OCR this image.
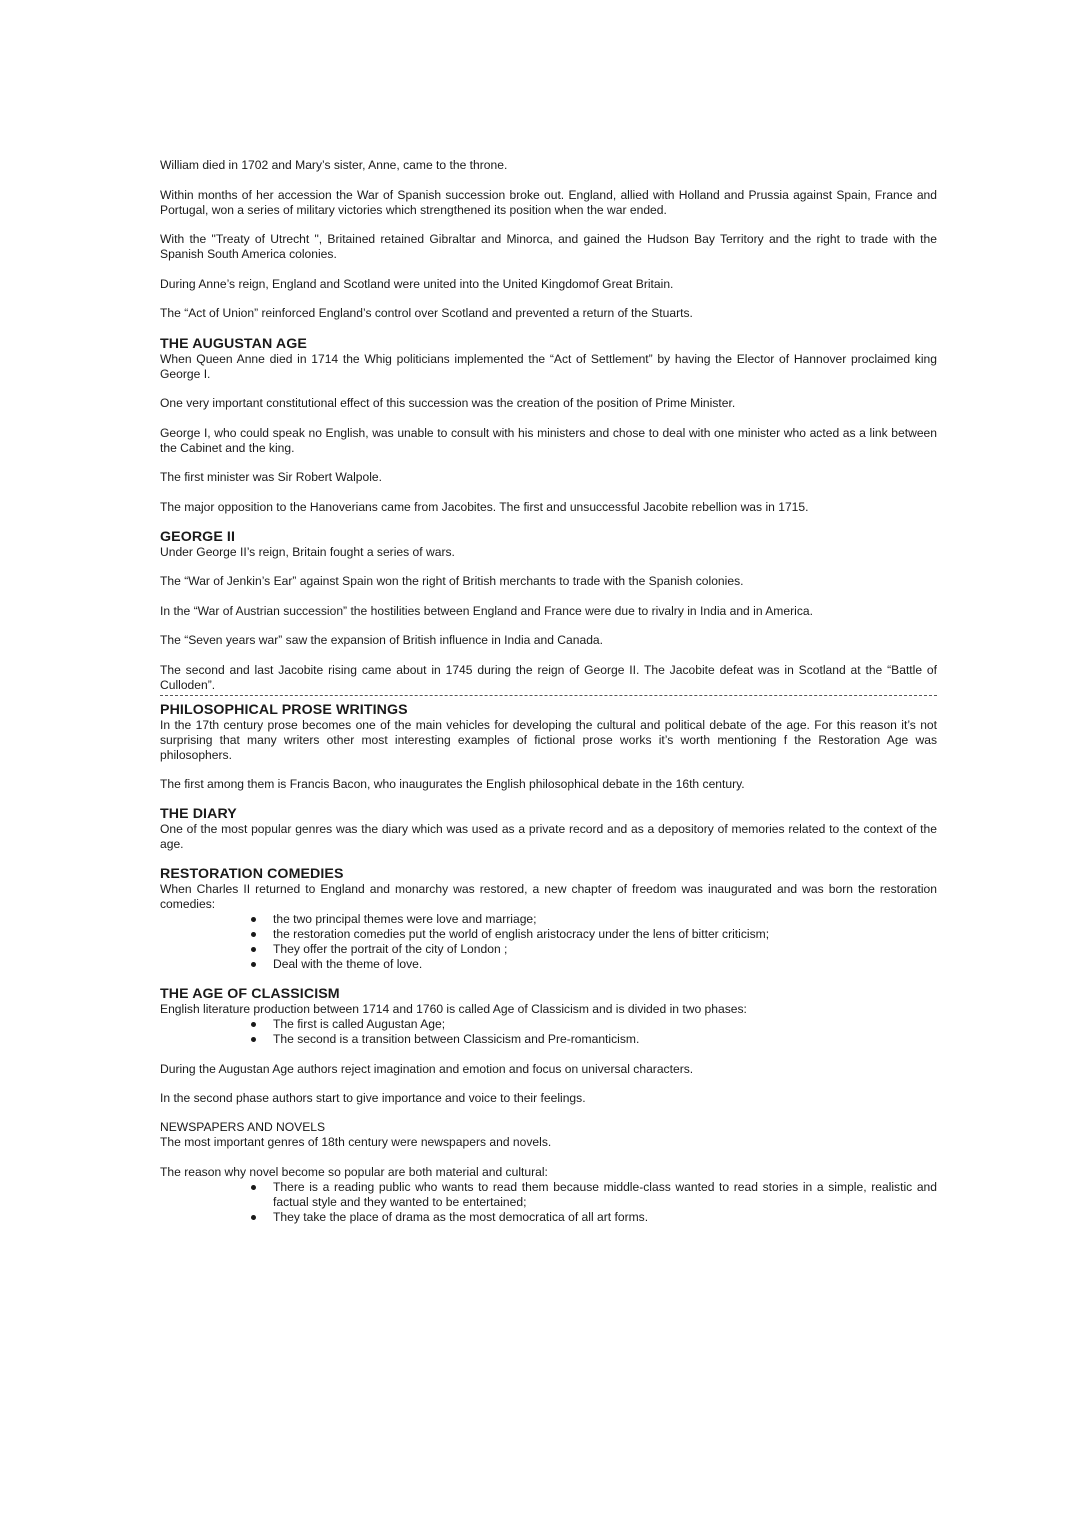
William died in 1702 and Mary’s sister, Anne, came to the throne.

Within months of her accession the War of Spanish succession broke out. England, allied with Holland and Prussia against Spain, France and Portugal, won a series of military victories which strengthened its position when the war ended.

With the "Treaty of Utrecht ", Britained retained Gibraltar and Minorca, and gained the Hudson Bay Territory and the right to trade with the Spanish South America colonies.

During Anne’s reign, England and Scotland were united into the United Kingdomof Great Britain.

The “Act of Union” reinforced England’s control over Scotland and prevented a return of the Stuarts.

THE AUGUSTAN AGE

When Queen Anne died in 1714 the Whig politicians implemented the “Act of Settlement” by having the Elector of Hannover proclaimed king George I.

One very important constitutional effect of this succession was the creation of the position of Prime Minister.

George I, who could speak no English, was unable to consult with his ministers and chose to deal with one minister who acted as a link between the Cabinet and the king.

The first minister was Sir Robert Walpole.

The major opposition to the Hanoverians came from Jacobites. The first and unsuccessful Jacobite rebellion was in 1715.

GEORGE II

Under George II’s reign, Britain fought a series of wars.

The “War of Jenkin’s Ear” against Spain won the right of British merchants to trade with the Spanish colonies.

In the “War of Austrian succession” the hostilities between England and France were due to rivalry in India and in America.

The “Seven years war” saw the expansion of British influence in India and Canada.

The second and last Jacobite rising came about in 1745 during the reign of George II. The Jacobite defeat was in Scotland at the “Battle of Culloden”.

PHILOSOPHICAL PROSE WRITINGS

In the 17th century prose becomes one of the main vehicles for developing the cultural and political debate of the age. For this reason it’s not surprising that many writers other most interesting examples of fictional prose works it’s worth mentioning f the Restoration Age was philosophers.

The first among them is Francis Bacon, who inaugurates the English philosophical debate in the 16th century.

THE DIARY

One of the most popular genres was the diary which was used as a private record and as a depository of memories related to the context of the age.

RESTORATION COMEDIES

When Charles II returned to England and monarchy was restored, a new chapter of freedom was inaugurated and was born the restoration comedies:

the two principal themes were love and marriage;
the restoration comedies put the world of english aristocracy under the lens of bitter criticism;
They offer the portrait of the city of London ;
Deal with the theme of love.
THE AGE OF CLASSICISM

English literature production between 1714 and 1760 is called Age of Classicism and is divided in two phases:

The first is called Augustan Age;
The second is a transition between Classicism and Pre-romanticism.

During the Augustan Age authors reject imagination and emotion and focus on universal characters.

In the second phase authors start to give importance and voice to their feelings.

NEWSPAPERS AND NOVELS

The most important genres of 18th century were newspapers and novels.

The reason why novel become so popular are both material and cultural:

There is a reading public who wants to read them because middle-class wanted to read stories in a simple, realistic and factual style and they wanted to be entertained;
They take the place of drama as the most democratica of all art forms.
